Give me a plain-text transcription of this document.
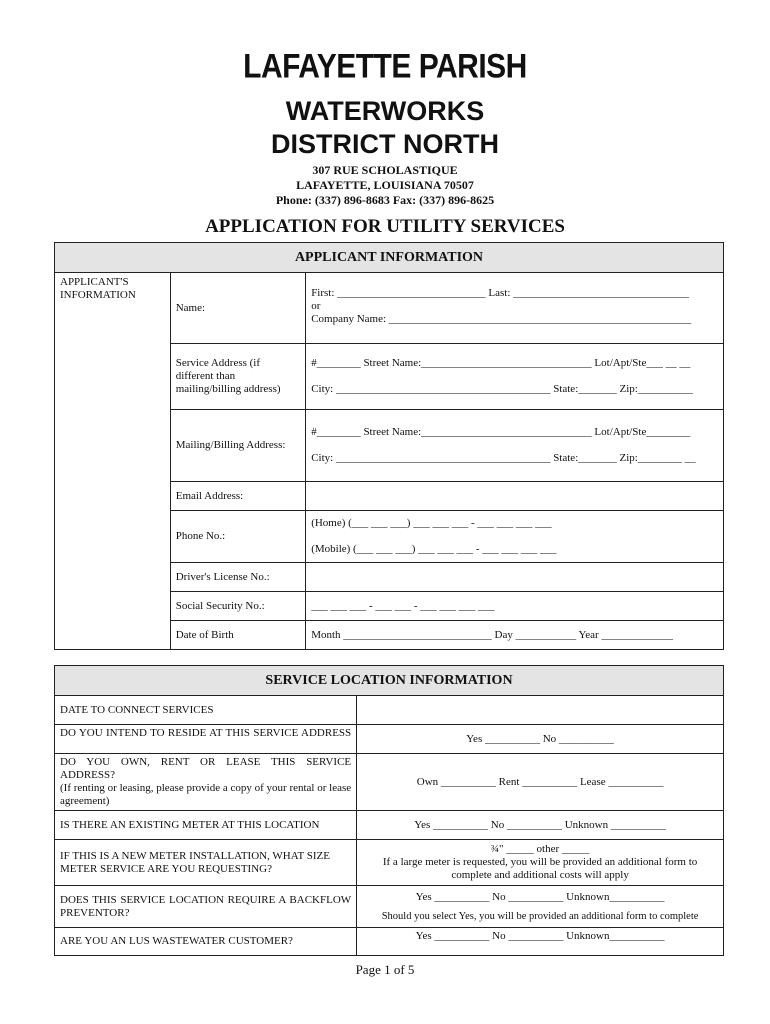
LAFAYETTE PARISH
WATERWORKS
DISTRICT NORTH
307 RUE SCHOLASTIQUE
LAFAYETTE, LOUISIANA 70507
Phone: (337) 896-8683 Fax: (337) 896-8625
APPLICATION FOR UTILITY SERVICES
APPLICANT INFORMATION		
APPLICANT'S INFORMATION	Name:	First: ___________________________ Last: ________________________________
or
Company Name: _______________________________________________________

	Service Address (if different than mailing/billing address)	#________ Street Name:_______________________________ Lot/Apt/Ste___ __ __
City: _______________________________________ State:_______ Zip:__________

	Mailing/Billing Address:	#________ Street Name:_______________________________ Lot/Apt/Ste________
City: _______________________________________ State:_______ Zip:________ __

	Email Address:	
	Phone No.:	(Home) (___ ___ ___) ___ ___ ___ - ___ ___ ___ ___
(Mobile) (___ ___ ___) ___ ___ ___ - ___ ___ ___ ___

	Driver's License No.:	
	Social Security No.:	___ ___ ___ - ___ ___ - ___ ___ ___ ___
	Date of Birth	Month ___________________________ Day ___________ Year _____________
SERVICE LOCATION INFORMATION	
DATE TO CONNECT SERVICES	
DO YOU INTEND TO RESIDE AT THIS SERVICE ADDRESS	Yes __________ No __________

DO YOU OWN, RENT OR LEASE THIS SERVICE ADDRESS?
(If renting or leasing, please provide a copy of your rental or lease agreement)	Own __________ Rent __________ Lease __________
IS THERE AN EXISTING METER AT THIS LOCATION	Yes __________ No __________ Unknown __________
IF THIS IS A NEW METER INSTALLATION, WHAT SIZE METER SERVICE ARE YOU REQUESTING?	¾" _____ other _____
If a large meter is requested, you will be provided an additional form to complete and additional costs will apply

DOES THIS SERVICE LOCATION REQUIRE A BACKFLOW PREVENTOR?	Yes __________ No __________ Unknown__________
Should you select Yes, you will be provided an additional form to complete

ARE YOU AN LUS WASTEWATER CUSTOMER?	Yes __________ No __________ Unknown__________
Page 1 of 5
